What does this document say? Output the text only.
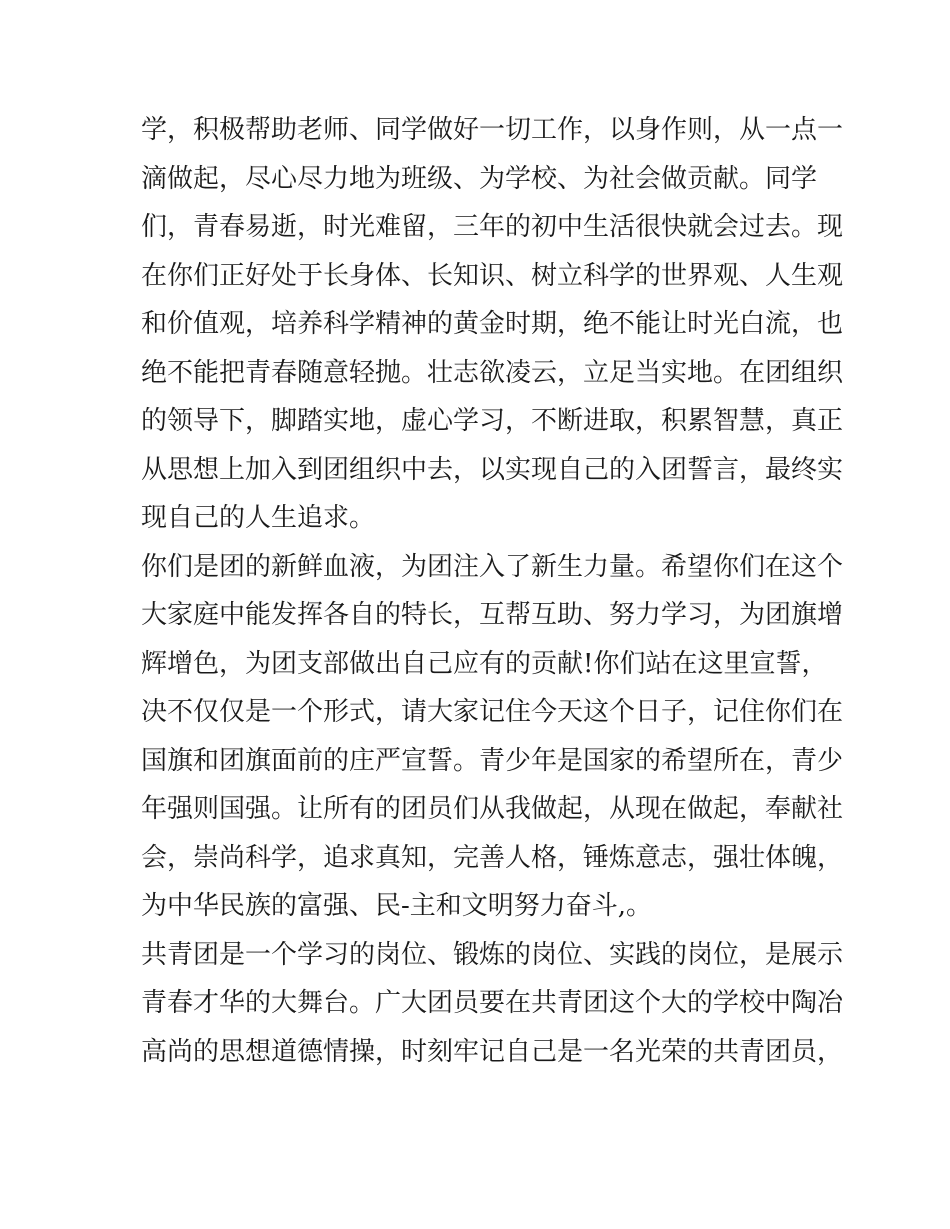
学，积极帮助老师、同学做好一切工作，以身作则，从一点一
滴做起，尽心尽力地为班级、为学校、为社会做贡献。同学
们，青春易逝，时光难留，三年的初中生活很快就会过去。现
在你们正好处于长身体、长知识、树立科学的世界观、人生观
和价值观，培养科学精神的黄金时期，绝不能让时光白流，也
绝不能把青春随意轻抛。壮志欲凌云，立足当实地。在团组织
的领导下，脚踏实地，虚心学习，不断进取，积累智慧，真正
从思想上加入到团组织中去，以实现自己的入团誓言，最终实
现自己的人生追求。
你们是团的新鲜血液，为团注入了新生力量。希望你们在这个
大家庭中能发挥各自的特长，互帮互助、努力学习，为团旗增
辉增色，为团支部做出自己应有的贡献!你们站在这里宣誓，
决不仅仅是一个形式，请大家记住今天这个日子，记住你们在
国旗和团旗面前的庄严宣誓。青少年是国家的希望所在，青少
年强则国强。让所有的团员们从我做起，从现在做起，奉献社
会，崇尚科学，追求真知，完善人格，锤炼意志，强壮体魄，
为中华民族的富强、民-主和文明努力奋斗,。
共青团是一个学习的岗位、锻炼的岗位、实践的岗位，是展示
青春才华的大舞台。广大团员要在共青团这个大的学校中陶冶
高尚的思想道德情操，时刻牢记自己是一名光荣的共青团员，
